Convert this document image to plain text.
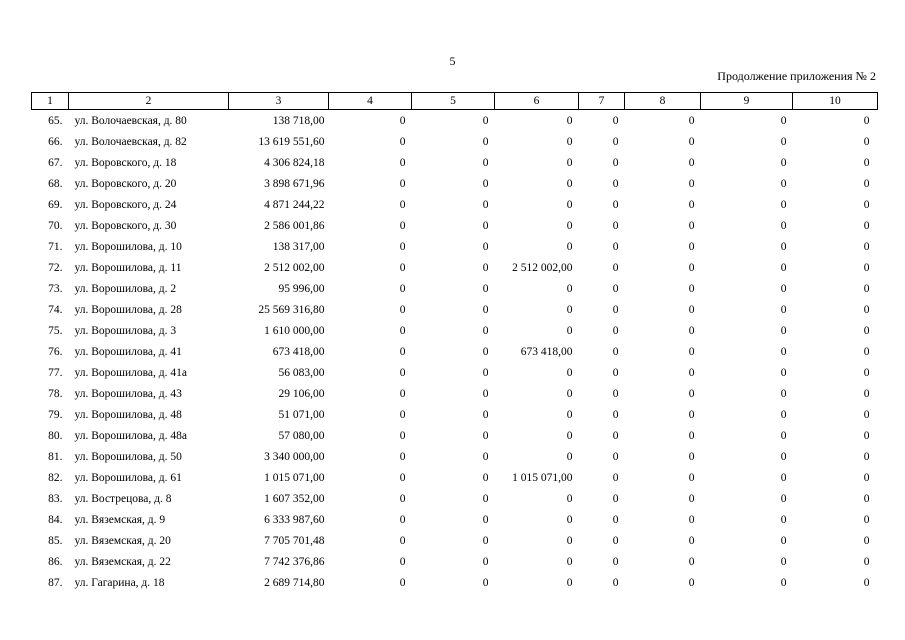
5
Продолжение приложения № 2
1	2	3	4	5	6	7	8	9	10
65.	ул. Волочаевская, д. 80	138 718,00	0	0	0	0	0	0	0
66.	ул. Волочаевская, д. 82	13 619 551,60	0	0	0	0	0	0	0
67.	ул. Воровского, д. 18	4 306 824,18	0	0	0	0	0	0	0
68.	ул. Воровского, д. 20	3 898 671,96	0	0	0	0	0	0	0
69.	ул. Воровского, д. 24	4 871 244,22	0	0	0	0	0	0	0
70.	ул. Воровского, д. 30	2 586 001,86	0	0	0	0	0	0	0
71.	ул. Ворошилова, д. 10	138 317,00	0	0	0	0	0	0	0
72.	ул. Ворошилова, д. 11	2 512 002,00	0	0	2 512 002,00	0	0	0	0
73.	ул. Ворошилова, д. 2	95 996,00	0	0	0	0	0	0	0
74.	ул. Ворошилова, д. 28	25 569 316,80	0	0	0	0	0	0	0
75.	ул. Ворошилова, д. 3	1 610 000,00	0	0	0	0	0	0	0
76.	ул. Ворошилова, д. 41	673 418,00	0	0	673 418,00	0	0	0	0
77.	ул. Ворошилова, д. 41а	56 083,00	0	0	0	0	0	0	0
78.	ул. Ворошилова, д. 43	29 106,00	0	0	0	0	0	0	0
79.	ул. Ворошилова, д. 48	51 071,00	0	0	0	0	0	0	0
80.	ул. Ворошилова, д. 48а	57 080,00	0	0	0	0	0	0	0
81.	ул. Ворошилова, д. 50	3 340 000,00	0	0	0	0	0	0	0
82.	ул. Ворошилова, д. 61	1 015 071,00	0	0	1 015 071,00	0	0	0	0
83.	ул. Вострецова, д. 8	1 607 352,00	0	0	0	0	0	0	0
84.	ул. Вяземская, д. 9	6 333 987,60	0	0	0	0	0	0	0
85.	ул. Вяземская, д. 20	7 705 701,48	0	0	0	0	0	0	0
86.	ул. Вяземская, д. 22	7 742 376,86	0	0	0	0	0	0	0
87.	ул. Гагарина, д. 18	2 689 714,80	0	0	0	0	0	0	0
